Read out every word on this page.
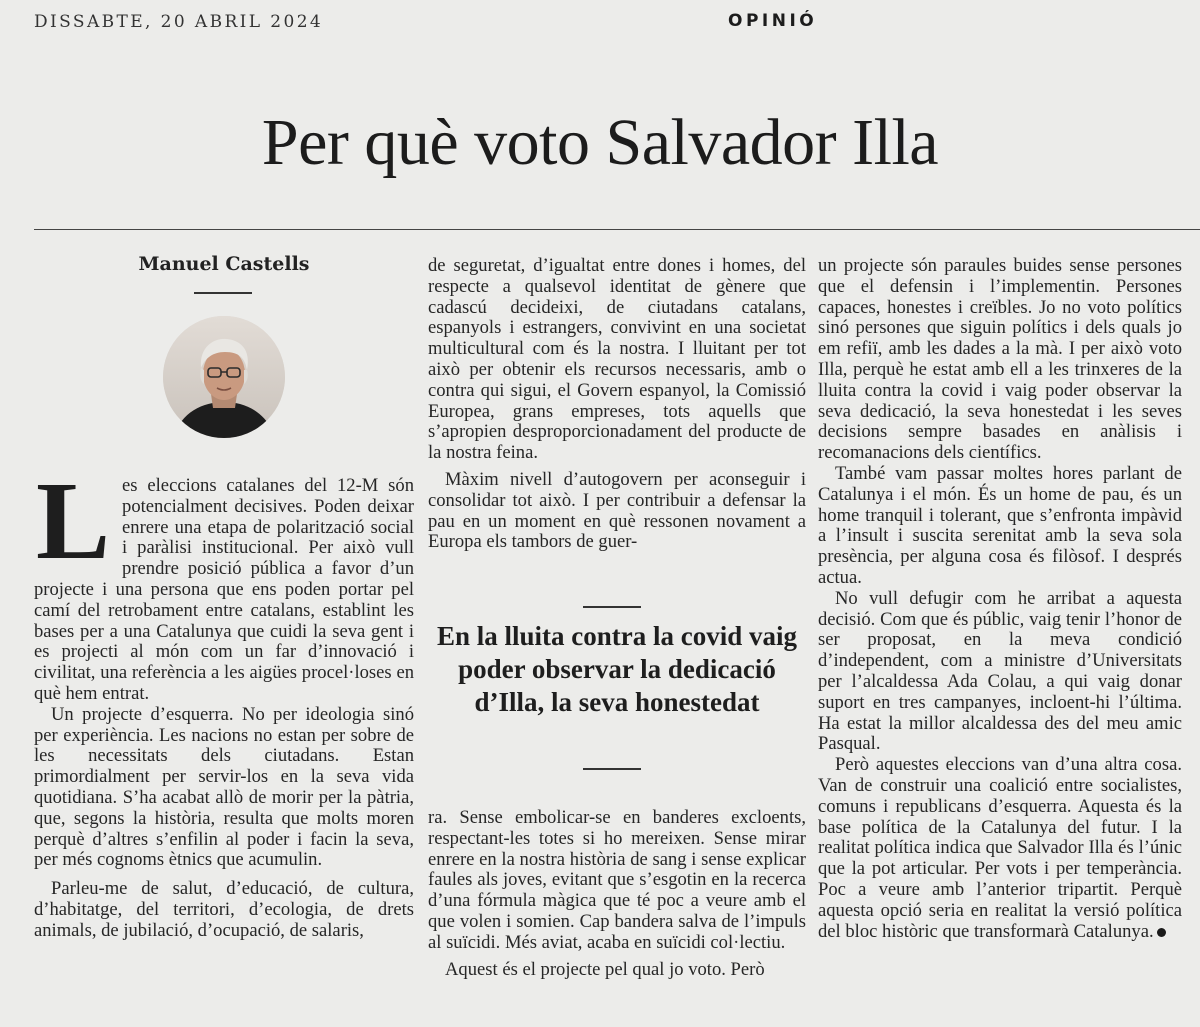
DISSABTE, 20 ABRIL 2024	OPINIÓ
Per què voto Salvador Illa
Manuel Castells

Les eleccions catalanes del 12-M són potencialment decisives. Poden deixar enrere una etapa de polarització social i paràlisi institucional. Per això vull prendre posició pública a favor d’un projecte i una persona que ens poden portar pel camí del retrobament entre catalans, establint les bases per a una Catalunya que cuidi la seva gent i es projecti al món com un far d’innovació i civilitat, una referència a les aigües procel·loses en què hem entrat.

Un projecte d’esquerra. No per ideologia sinó per experiència. Les nacions no estan per sobre de les necessitats dels ciutadans. Estan primordialment per servir-los en la seva vida quotidiana. S’ha acabat allò de morir per la pàtria, que, segons la història, resulta que molts moren perquè d’altres s’enfilin al poder i facin la seva, per més cognoms ètnics que acumulin.

Parleu-me de salut, d’educació, de cultura, d’habitatge, del territori, d’ecologia, de drets animals, de jubilació, d’ocupació, de salaris,

de seguretat, d’igualtat entre dones i homes, del respecte a qualsevol identitat de gènere que cadascú decideixi, de ciutadans catalans, espanyols i estrangers, convivint en una societat multicultural com és la nostra. I lluitant per tot això per obtenir els recursos necessaris, amb o contra qui sigui, el Govern espanyol, la Comissió Europea, grans empreses, tots aquells que s’apropien desproporcionadament del producte de la nostra feina.

Màxim nivell d’autogovern per aconseguir i consolidar tot això. I per contribuir a defensar la pau en un moment en què ressonen novament a Europa els tambors de guer-

En la lluita contra la covid vaig poder observar la dedicació d’Illa, la seva honestedat

ra. Sense embolicar-se en banderes excloents, respectant-les totes si ho mereixen. Sense mirar enrere en la nostra història de sang i sense explicar faules als joves, evitant que s’esgotin en la recerca d’una fórmula màgica que té poc a veure amb el que volen i somien. Cap bandera salva de l’impuls al suïcidi. Més aviat, acaba en suïcidi col·lectiu.

Aquest és el projecte pel qual jo voto. Però

un projecte són paraules buides sense persones que el defensin i l’implementin. Persones capaces, honestes i creïbles. Jo no voto polítics sinó persones que siguin polítics i dels quals jo em refiï, amb les dades a la mà. I per això voto Illa, perquè he estat amb ell a les trinxeres de la lluita contra la covid i vaig poder observar la seva dedicació, la seva honestedat i les seves decisions sempre basades en anàlisis i recomanacions dels científics.

També vam passar moltes hores parlant de Catalunya i el món. És un home de pau, és un home tranquil i tolerant, que s’enfronta impàvid a l’insult i suscita serenitat amb la seva sola presència, per alguna cosa és filòsof. I després actua.

No vull defugir com he arribat a aquesta decisió. Com que és públic, vaig tenir l’honor de ser proposat, en la meva condició d’independent, com a ministre d’Universitats per l’alcaldessa Ada Colau, a qui vaig donar suport en tres campanyes, incloent-hi l’última. Ha estat la millor alcaldessa des del meu amic Pasqual.

Però aquestes eleccions van d’una altra cosa. Van de construir una coalició entre socialistes, comuns i republicans d’esquerra. Aquesta és la base política de la Catalunya del futur. I la realitat política indica que Salvador Illa és l’únic que la pot articular. Per vots i per temperància. Poc a veure amb l’anterior tripartit. Perquè aquesta opció seria en realitat la versió política del bloc històric que transformarà Catalunya.
